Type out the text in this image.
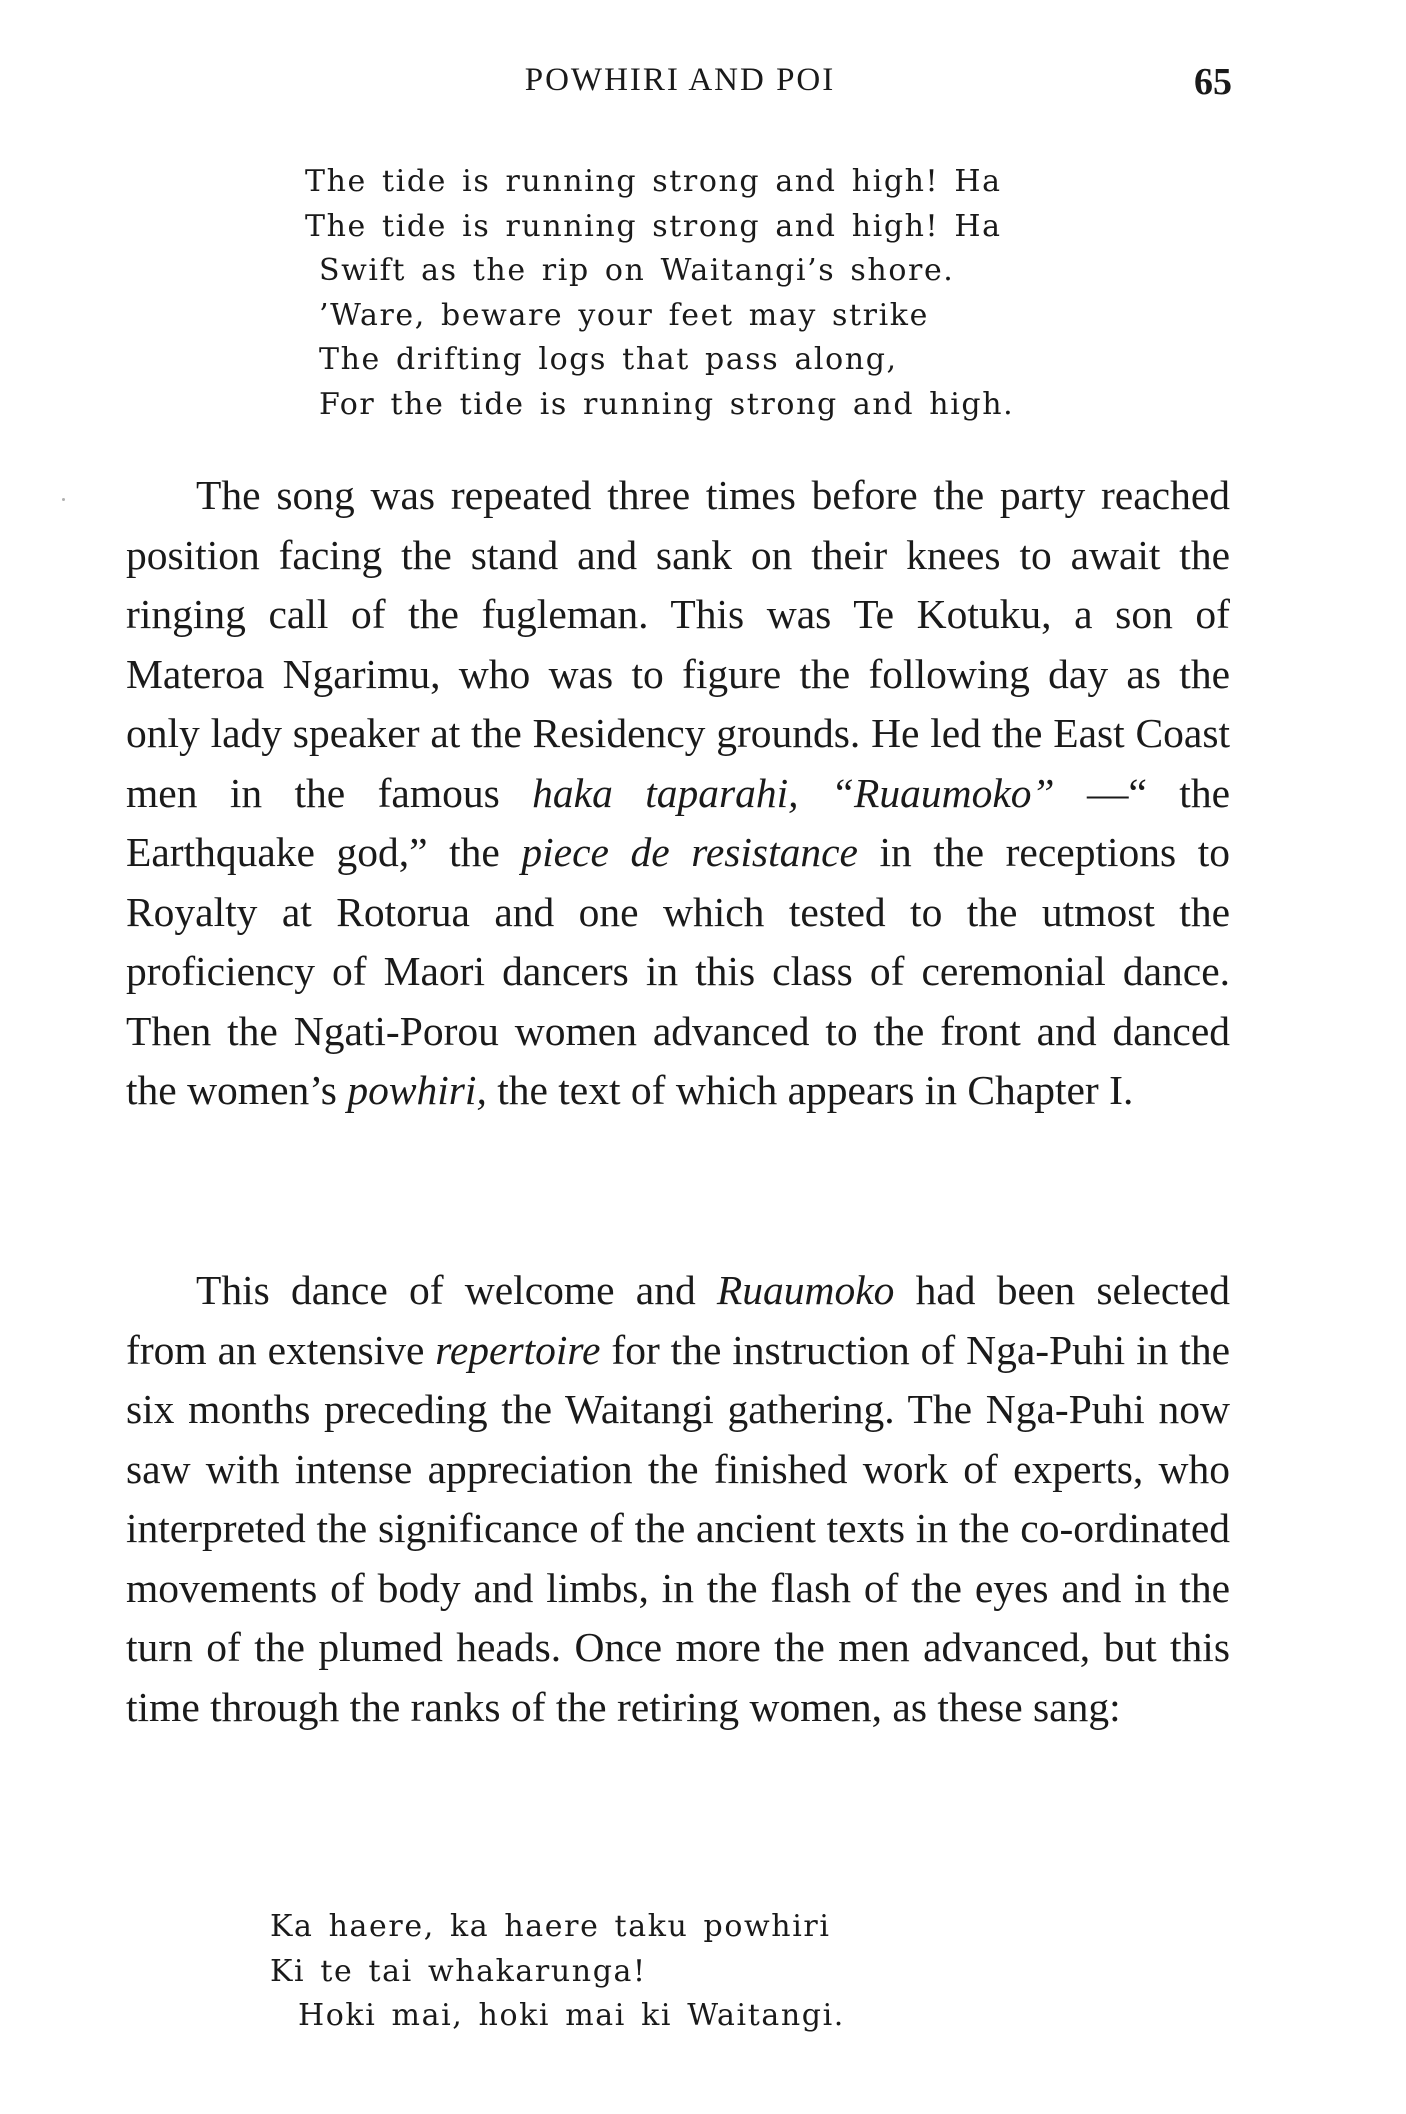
POWHIRI AND POI	65
The tide is running strong and high! Ha
The tide is running strong and high! Ha
Swift as the rip on Waitangi’s shore.
’Ware, beware your feet may strike
The drifting logs that pass along,
For the tide is running strong and high.

The song was repeated three times before the party reached position facing the stand and sank on their knees to await the ringing call of the fugleman. This was Te Kotuku, a son of Materoa Ngarimu, who was to figure the following day as the only lady speaker at the Residency grounds. He led the East Coast men in the famous haka taparahi, “Ruaumoko” —“ the Earthquake god,” the piece de resistance in the receptions to Royalty at Rotorua and one which tested to the utmost the proficiency of Maori dancers in this class of ceremonial dance. Then the Ngati-Porou women advanced to the front and danced the women’s powhiri, the text of which appears in Chapter I.

This dance of welcome and Ruaumoko had been selected from an extensive repertoire for the instruction of Nga-Puhi in the six months preceding the Waitangi gathering. The Nga-Puhi now saw with intense appreciation the finished work of experts, who interpreted the significance of the ancient texts in the co-ordinated movements of body and limbs, in the flash of the eyes and in the turn of the plumed heads. Once more the men advanced, but this time through the ranks of the retiring women, as these sang:

Ka haere, ka haere taku powhiri
Ki te tai whakarunga!
Hoki mai, hoki mai ki Waitangi.
